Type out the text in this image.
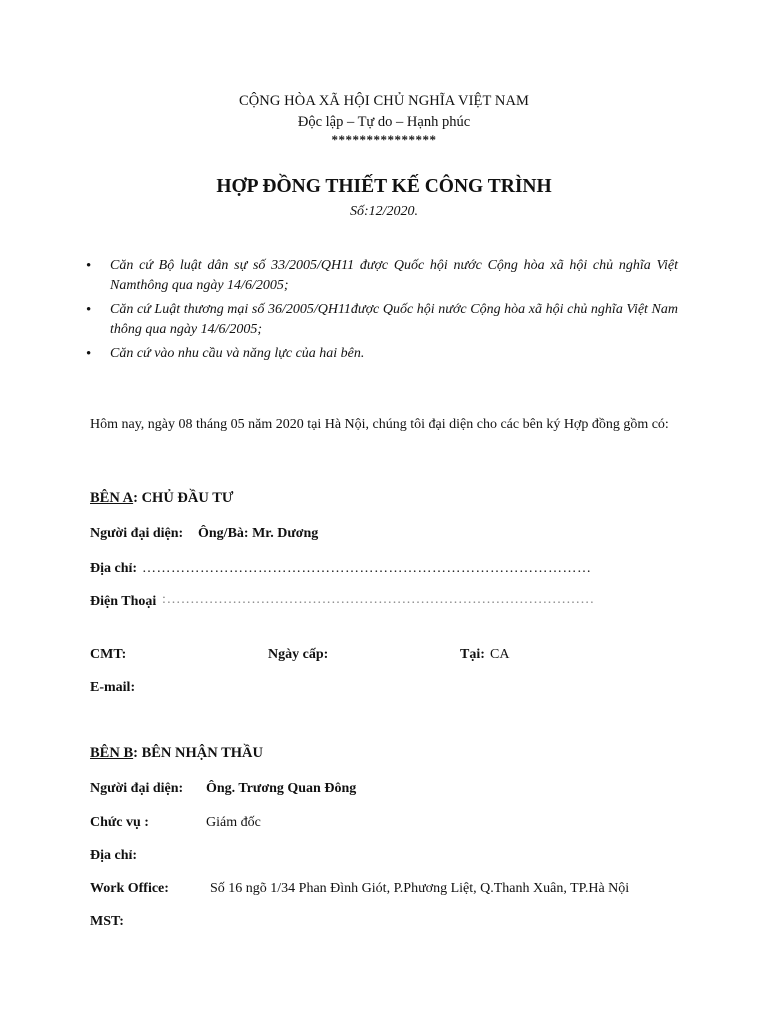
CỘNG HÒA XÃ HỘI CHỦ NGHĨA VIỆT NAM
Độc lập – Tự do – Hạnh phúc
***************
HỢP ĐỒNG THIẾT KẾ CÔNG TRÌNH
Số:12/2020.
• Căn cứ Bộ luật dân sự số 33/2005/QH11 được Quốc hội nước Cộng hòa xã hội chủ nghĩa Việt Namthông qua ngày 14/6/2005;
• Căn cứ Luật thương mại số 36/2005/QH11được Quốc hội nước Cộng hòa xã hội chủ nghĩa Việt Nam thông qua ngày 14/6/2005;
• Căn cứ vào nhu cầu và năng lực của hai bên.
Hôm nay, ngày 08 tháng 05 năm 2020 tại Hà Nội, chúng tôi đại diện cho các bên ký Hợp đồng gồm có:
BÊN A: CHỦ ĐẦU TƯ
Người đại diện: Ông/Bà: Mr. Dương
Địa chỉ: …………………………………………………………………………………
Điện Thoại :...........................................................................................
CMT:	Ngày cấp:	Tại: CA
E-mail:
BÊN B: BÊN NHẬN THẦU
Người đại diện: Ông. Trương Quan Đông
Chức vụ :	Giám đốc
Địa chỉ:
Work Office:	Số 16 ngõ 1/34 Phan Đình Giót, P.Phương Liệt, Q.Thanh Xuân, TP.Hà Nội
MST:
